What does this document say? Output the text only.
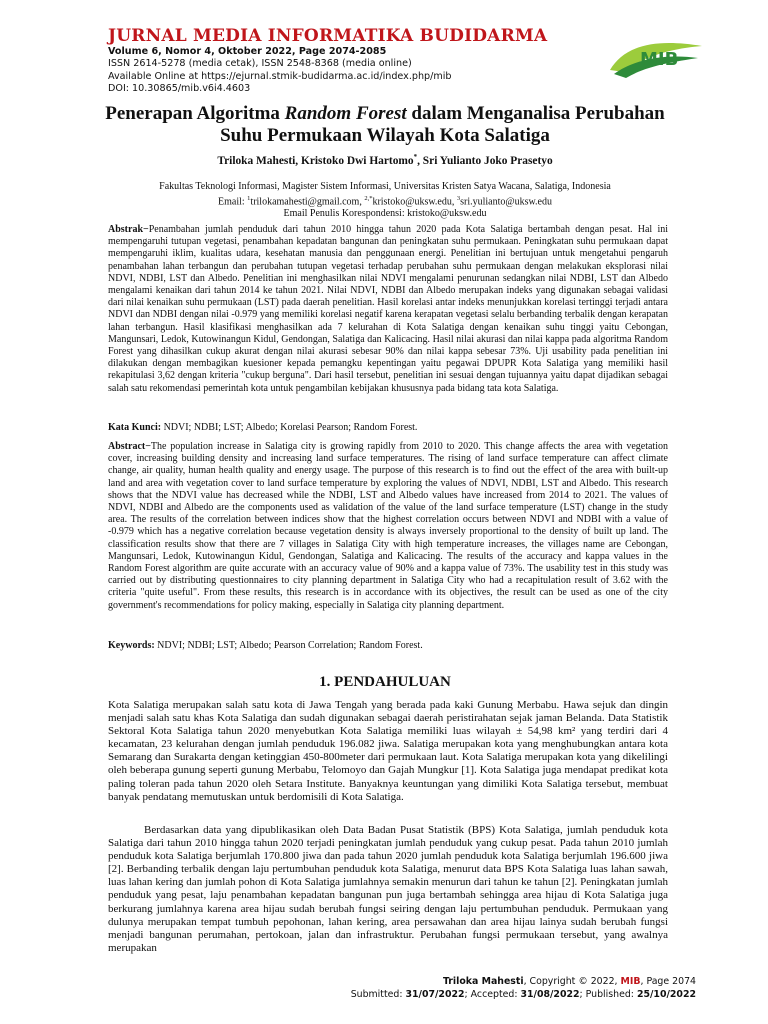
JURNAL MEDIA INFORMATIKA BUDIDARMA
Volume 6, Nomor 4, Oktober 2022, Page 2074-2085
ISSN 2614-5278 (media cetak), ISSN 2548-8368 (media online)
Available Online at https://ejurnal.stmik-budidarma.ac.id/index.php/mib
DOI: 10.30865/mib.v6i4.4603
MIB
Penerapan Algoritma Random Forest dalam Menganalisa Perubahan Suhu Permukaan Wilayah Kota Salatiga
Triloka Mahesti, Kristoko Dwi Hartomo*, Sri Yulianto Joko Prasetyo
Fakultas Teknologi Informasi, Magister Sistem Informasi, Universitas Kristen Satya Wacana, Salatiga, Indonesia
Email: $^1$trilokamahesti@gmail.com, $^{2,*}$kristoko@uksw.edu, $^3$sri.yulianto@uksw.edu
Email Penulis Korespondensi: kristoko@uksw.edu
Abstrak−Penambahan jumlah penduduk dari tahun 2010 hingga tahun 2020 pada Kota Salatiga bertambah dengan pesat. Hal ini mempengaruhi tutupan vegetasi, penambahan kepadatan bangunan dan peningkatan suhu permukaan. Peningkatan suhu permukaan dapat mempengaruhi iklim, kualitas udara, kesehatan manusia dan penggunaan energi. Penelitian ini bertujuan untuk mengetahui pengaruh penambahan lahan terbangun dan perubahan tutupan vegetasi terhadap perubahan suhu permukaan dengan melakukan eksplorasi nilai NDVI, NDBI, LST dan Albedo. Penelitian ini menghasilkan nilai NDVI mengalami penurunan sedangkan nilai NDBI, LST dan Albedo mengalami kenaikan dari tahun 2014 ke tahun 2021. Nilai NDVI, NDBI dan Albedo merupakan indeks yang digunakan sebagai validasi dari nilai kenaikan suhu permukaan (LST) pada daerah penelitian. Hasil korelasi antar indeks menunjukkan korelasi tertinggi terjadi antara NDVI dan NDBI dengan nilai -0.979 yang memiliki korelasi negatif karena kerapatan vegetasi selalu berbanding terbalik dengan kerapatan lahan terbangun. Hasil klasifikasi menghasilkan ada 7 kelurahan di Kota Salatiga dengan kenaikan suhu tinggi yaitu Cebongan, Mangunsari, Ledok, Kutowinangun Kidul, Gendongan, Salatiga dan Kalicacing. Hasil nilai akurasi dan nilai kappa pada algoritma Random Forest yang dihasilkan cukup akurat dengan nilai akurasi sebesar 90% dan nilai kappa sebesar 73%. Uji usability pada penelitian ini dilakukan dengan membagikan kuesioner kepada pemangku kepentingan yaitu pegawai DPUPR Kota Salatiga yang memiliki hasil rekapitulasi 3,62 dengan kriteria "cukup berguna". Dari hasil tersebut, penelitian ini sesuai dengan tujuannya yaitu dapat dijadikan sebagai salah satu rekomendasi pemerintah kota untuk pengambilan kebijakan khususnya pada bidang tata kota Salatiga.
Kata Kunci: NDVI; NDBI; LST; Albedo; Korelasi Pearson; Random Forest.
Abstract−The population increase in Salatiga city is growing rapidly from 2010 to 2020. This change affects the area with vegetation cover, increasing building density and increasing land surface temperatures. The rising of land surface temperature can affect climate change, air quality, human health quality and energy usage. The purpose of this research is to find out the effect of the area with built-up land and area with vegetation cover to land surface temperature by exploring the values of NDVI, NDBI, LST and Albedo. This research shows that the NDVI value has decreased while the NDBI, LST and Albedo values have increased from 2014 to 2021. The values of NDVI, NDBI and Albedo are the components used as validation of the value of the land surface temperature (LST) change in the study area. The results of the correlation between indices show that the highest correlation occurs between NDVI and NDBI with a value of -0.979 which has a negative correlation because vegetation density is always inversely proportional to the density of built up land. The classification results show that there are 7 villages in Salatiga City with high temperature increases, the villages name are Cebongan, Mangunsari, Ledok, Kutowinangun Kidul, Gendongan, Salatiga and Kalicacing. The results of the accuracy and kappa values in the Random Forest algorithm are quite accurate with an accuracy value of 90% and a kappa value of 73%. The usability test in this study was carried out by distributing questionnaires to city planning department in Salatiga City who had a recapitulation result of 3.62 with the criteria "quite useful". From these results, this research is in accordance with its objectives, the result can be used as one of the city government's recommendations for policy making, especially in Salatiga city planning department.
Keywords: NDVI; NDBI; LST; Albedo; Pearson Correlation; Random Forest.
1. PENDAHULUAN
Kota Salatiga merupakan salah satu kota di Jawa Tengah yang berada pada kaki Gunung Merbabu. Hawa sejuk dan dingin menjadi salah satu khas Kota Salatiga dan sudah digunakan sebagai daerah peristirahatan sejak jaman Belanda. Data Statistik Sektoral Kota Salatiga tahun 2020 menyebutkan Kota Salatiga memiliki luas wilayah ± 54,98 km² yang terdiri dari 4 kecamatan, 23 kelurahan dengan jumlah penduduk 196.082 jiwa. Salatiga merupakan kota yang menghubungkan antara kota Semarang dan Surakarta dengan ketinggian 450-800meter dari permukaan laut. Kota Salatiga merupakan kota yang dikelilingi oleh beberapa gunung seperti gunung Merbabu, Telomoyo dan Gajah Mungkur [1]. Kota Salatiga juga mendapat predikat kota paling toleran pada tahun 2020 oleh Setara Institute. Banyaknya keuntungan yang dimiliki Kota Salatiga tersebut, membuat banyak pendatang memutuskan untuk berdomisili di Kota Salatiga.
Berdasarkan data yang dipublikasikan oleh Data Badan Pusat Statistik (BPS) Kota Salatiga, jumlah penduduk kota Salatiga dari tahun 2010 hingga tahun 2020 terjadi peningkatan jumlah penduduk yang cukup pesat. Pada tahun 2010 jumlah penduduk kota Salatiga berjumlah 170.800 jiwa dan pada tahun 2020 jumlah penduduk kota Salatiga berjumlah 196.600 jiwa [2]. Berbanding terbalik dengan laju pertumbuhan penduduk kota Salatiga, menurut data BPS Kota Salatiga luas lahan sawah, luas lahan kering dan jumlah pohon di Kota Salatiga jumlahnya semakin menurun dari tahun ke tahun [2]. Peningkatan jumlah penduduk yang pesat, laju penambahan kepadatan bangunan pun juga bertambah sehingga area hijau di Kota Salatiga juga berkurang jumlahnya karena area hijau sudah berubah fungsi seiring dengan laju pertumbuhan penduduk. Permukaan yang dulunya merupakan tempat tumbuh pepohonan, lahan kering, area persawahan dan area hijau lainya sudah berubah fungsi menjadi bangunan perumahan, pertokoan, jalan dan infrastruktur. Perubahan fungsi permukaan tersebut, yang awalnya merupakan
Triloka Mahesti, Copyright © 2022, MIB, Page 2074
Submitted: 31/07/2022; Accepted: 31/08/2022; Published: 25/10/2022
